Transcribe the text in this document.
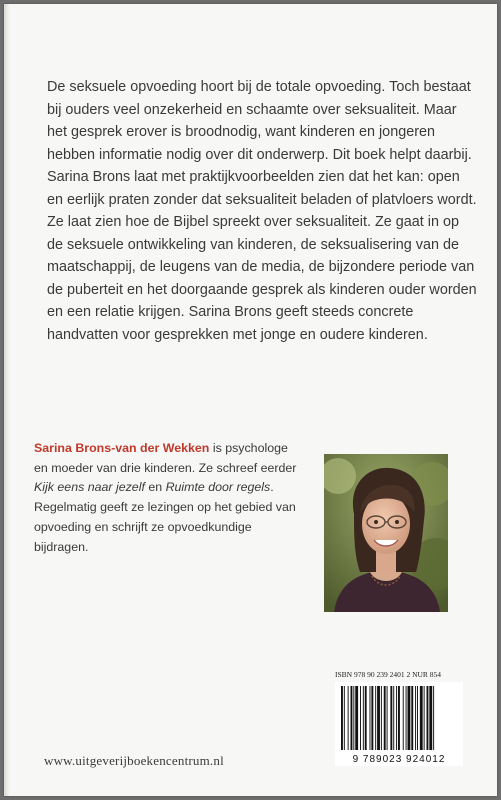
De seksuele opvoeding hoort bij de totale opvoeding. Toch bestaat bij ouders veel onzekerheid en schaamte over seksualiteit. Maar het gesprek erover is broodnodig, want kinderen en jongeren hebben informatie nodig over dit onderwerp. Dit boek helpt daarbij.

Sarina Brons laat met praktijkvoorbeelden zien dat het kan: open en eerlijk praten zonder dat seksualiteit beladen of platvloers wordt. Ze laat zien hoe de Bijbel spreekt over seksualiteit. Ze gaat in op de seksuele ontwikkeling van kinderen, de seksualisering van de maatschappij, de leugens van de media, de bijzondere periode van de puberteit en het doorgaande gesprek als kinderen ouder worden en een relatie krijgen. Sarina Brons geeft steeds concrete handvatten voor gesprekken met jonge en oudere kinderen.

Sarina Brons-van der Wekken is psychologe en moeder van drie kinderen. Ze schreef eerder Kijk eens naar jezelf en Ruimte door regels. Regelmatig geeft ze lezingen op het gebied van opvoeding en schrijft ze opvoedkundige bijdragen.
ISBN 978 90 239 2401 2 NUR 854
9 789023 924012
www.uitgeverijboekencentrum.nl
